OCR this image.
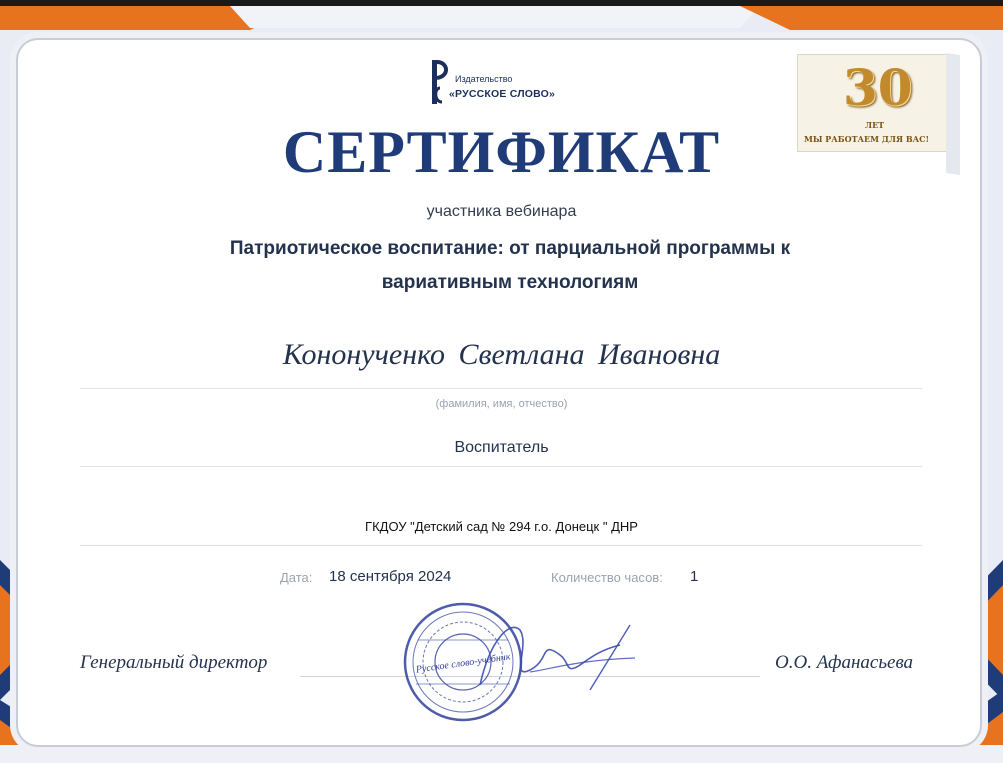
Издательство
«РУССКОЕ СЛОВО»	30
ЛЕТ
МЫ РАБОТАЕМ ДЛЯ ВАС!
СЕРТИФИКАТ
участника вебинара
Патриотическое воспитание: от парциальной программы к
вариативным технологиям
Кононученко Светлана Ивановна
(фамилия, имя, отчество)
Воспитатель
ГКДОУ "Детский сад № 294 г.о. Донецк " ДНР
Дата: 18 сентября 2024	Количество часов: 1
Генеральный директор	О.О. Афанасьева
Русское слово-учебник
